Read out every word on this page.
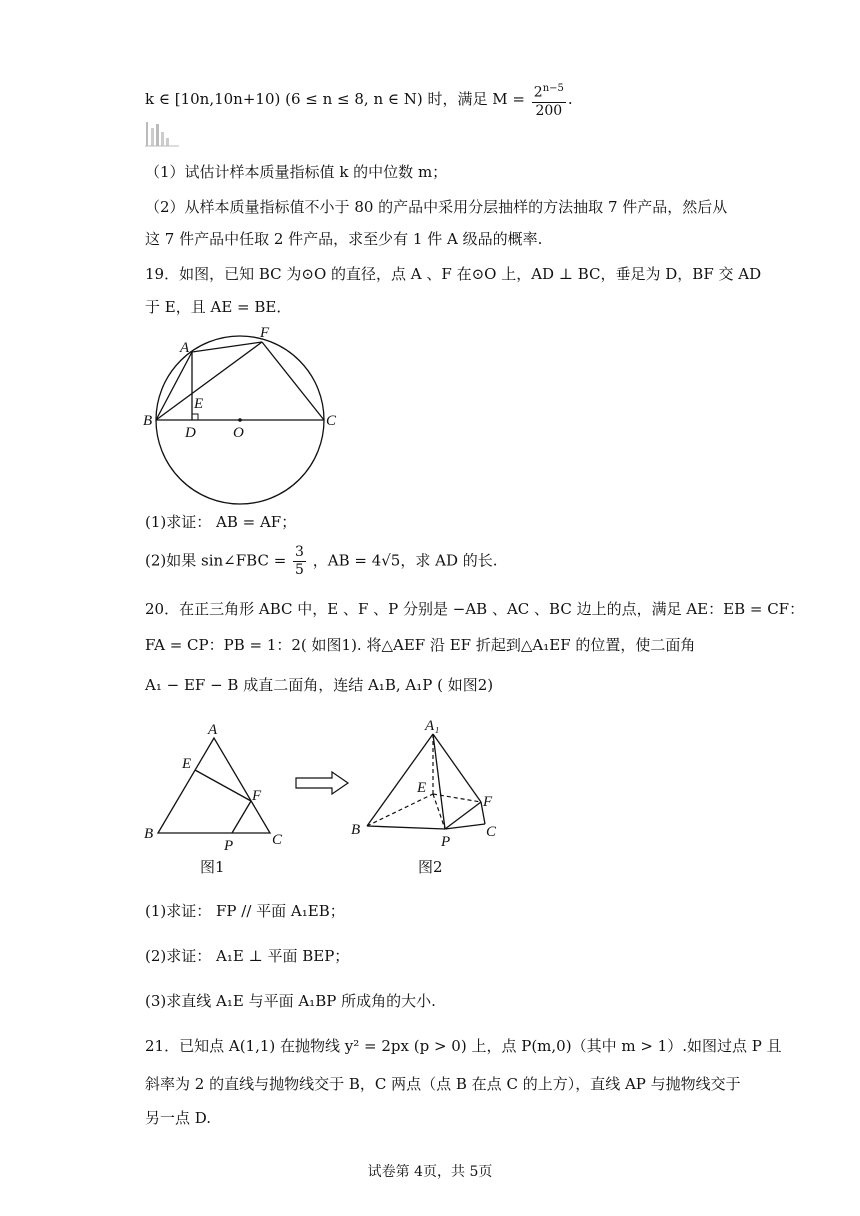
k ∈ [10n,10n+10) (6 ≤ n ≤ 8, n ∈ N) 时，满足 $M = \frac{2^{n-5}}{200}$ .
（1）试估计样本质量指标值 k 的中位数 m；
（2）从样本质量指标值不小于 80 的产品中采用分层抽样的方法抽取 7 件产品，然后从
这 7 件产品中任取 2 件产品，求至少有 1 件 A 级品的概率.
19．如图，已知 BC 为⊙O 的直径，点 A 、F 在⊙O 上，AD ⊥ BC，垂足为 D，BF 交 AD
于 E，且 AE = BE．
A
F
B	C
D O
E
(1)求证： AB = AF；
(2)如果 sin∠FBC = $\frac{3}{5}$ ，AB = 4√5，求 AD 的长.
20．在正三角形 ABC 中，E 、F 、P 分别是 −AB 、AC 、BC 边上的点，满足 AE：EB = CF：
FA = CP：PB = 1：2( 如图1). 将△AEF 沿 EF 折起到△A₁EF 的位置，使二面角
A₁ − EF − B 成直二面角，连结 A₁B, A₁P ( 如图2)
A
E
F
B
P	C
图1
A₁
E
F
B
P
C
图2
(1)求证： FP // 平面 A₁EB；
(2)求证： A₁E ⊥ 平面 BEP；
(3)求直线 A₁E 与平面 A₁BP 所成角的大小.
21．已知点 A(1,1) 在抛物线 y² = 2px (p > 0) 上，点 P(m,0)（其中 m > 1）.如图过点 P 且
斜率为 2 的直线与抛物线交于 B，C 两点（点 B 在点 C 的上方），直线 AP 与抛物线交于
另一点 D.
试卷第 4页，共 5页
